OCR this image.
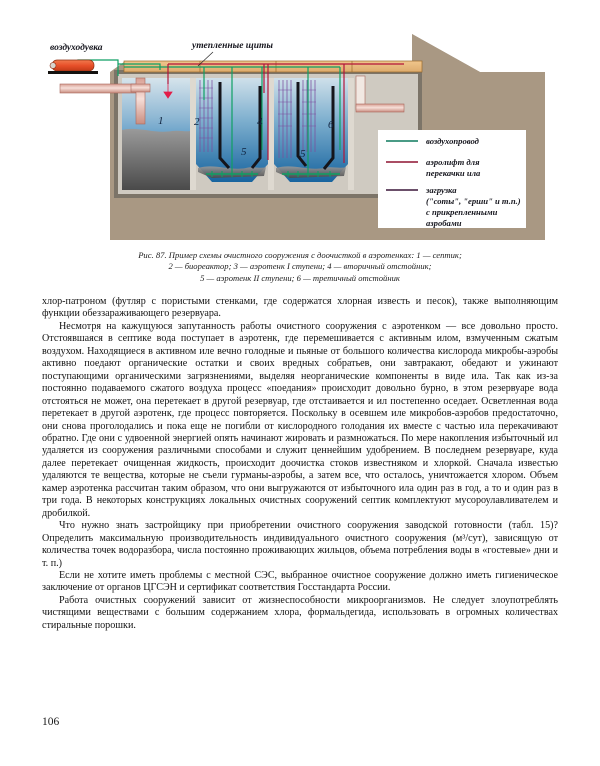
воздуходувка	утепленные щиты
1	2	4
5
6
5
воздухопровод
аэролифт для
перекачки ила
загрузка
("соты", "ерши" и т.п.)
с прикрепленными
азробами
Рис. 87. Пример схемы очистного сооружения с доочисткой в аэротенках: 1 — септик;
2 — биореактор; 3 — аэротенк I ступени; 4 — вторичный отстойник;
5 — аэротенк II ступени; 6 — третичный отстойник

хлор-патроном (футляр с пористыми стенками, где содержатся хлорная известь и песок), также выполняющим функции обеззараживающего резервуара.

Несмотря на кажущуюся запутанность работы очистного сооружения с аэротенком — все довольно просто. Отстоявшаяся в септике вода поступает в аэротенк, где перемешивается с активным илом, взмученным сжатым воздухом. Находящиеся в активном иле вечно голодные и пьяные от большого количества кислорода микробы-аэробы активно поедают органические остатки и своих вредных собратьев, они завтракают, обедают и ужинают поступающими органическими загрязнениями, выделяя неорганические компоненты в виде ила. Так как из-за постоянно подаваемого сжатого воздуха процесс «поедания» происходит довольно бурно, в этом резервуаре вода отстояться не может, она перетекает в другой резервуар, где отстаивается и ил постепенно оседает. Осветленная вода перетекает в другой аэротенк, где процесс повторяется. Поскольку в осевшем иле микробов-аэробов предостаточно, они снова проголодались и пока еще не погибли от кислородного голодания их вместе с частью ила перекачивают обратно. Где они с удвоенной энергией опять начинают жировать и размножаться. По мере накопления избыточный ил удаляется из сооружения различными способами и служит ценнейшим удобрением. В последнем резервуаре, куда далее перетекает очищенная жидкость, происходит доочистка стоков известняком и хлоркой. Сначала известью удаляются те вещества, которые не съели гурманы-аэробы, а затем все, что осталось, уничтожается хлором. Объем камер аэротенка рассчитан таким образом, что они выгружаются от избыточного ила один раз в год, а то и один раз в три года. В некоторых конструкциях локальных очистных сооружений септик комплектуют мусороулавливателем и дробилкой.

Что нужно знать застройщику при приобретении очистного сооружения заводской готовности (табл. 15)? Определить максимальную производительность индивидуального очистного сооружения (м³/сут), зависящую от количества точек водоразбора, числа постоянно проживающих жильцов, объема потребления воды в «гостевые» дни и т. п.)

Если не хотите иметь проблемы с местной СЭС, выбранное очистное сооружение должно иметь гигиеническое заключение от органов ЦГСЭН и сертификат соответствия Госстандарта России.

Работа очистных сооружений зависит от жизнеспособности микроорганизмов. Не следует злоупотреблять чистящими веществами с большим содержанием хлора, формальдегида, использовать в огромных количествах стиральные порошки.

106
